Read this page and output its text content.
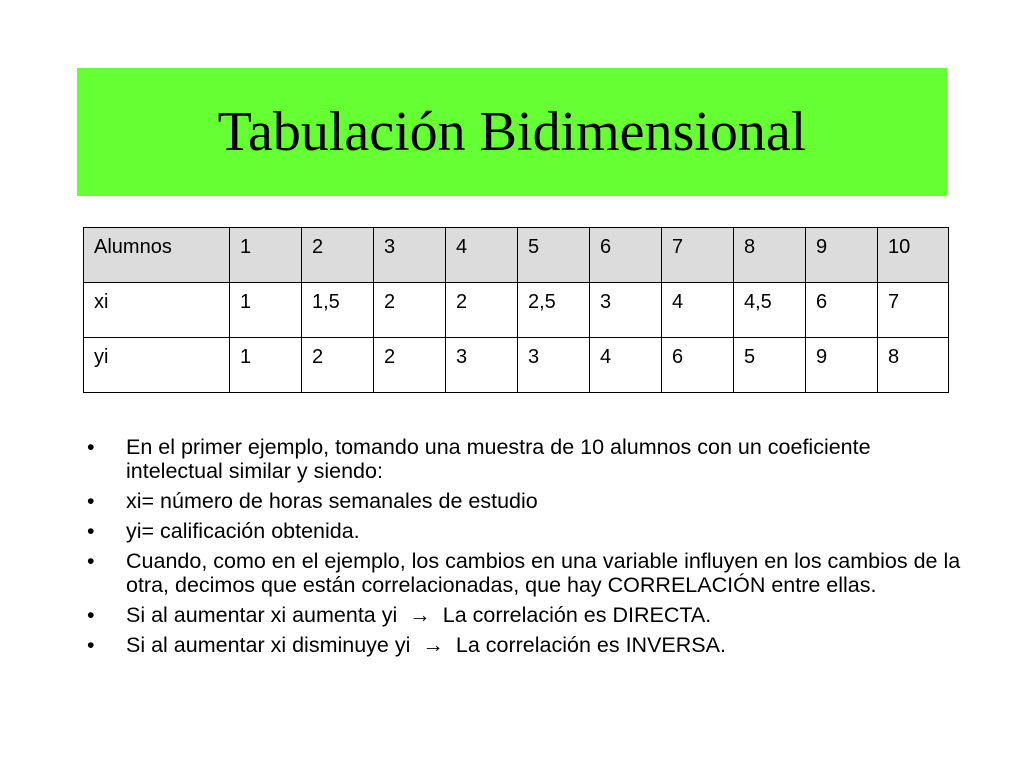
Tabulación Bidimensional
Alumnos	1	2	3	4	5	6	7	8	9	10
xi	1	1,5	2	2	2,5	3	4	4,5	6	7
yi	1	2	2	3	3	4	6	5	9	8
• En el primer ejemplo, tomando una muestra de 10 alumnos con un coeficiente intelectual similar y siendo:
• xi= número de horas semanales de estudio
• yi= calificación obtenida.
• Cuando, como en el ejemplo, los cambios en una variable influyen en los cambios de la otra, decimos que están correlacionadas, que hay CORRELACIÓN entre ellas.
• Si al aumentar xi aumenta yi → La correlación es DIRECTA.
• Si al aumentar xi disminuye yi → La correlación es INVERSA.
